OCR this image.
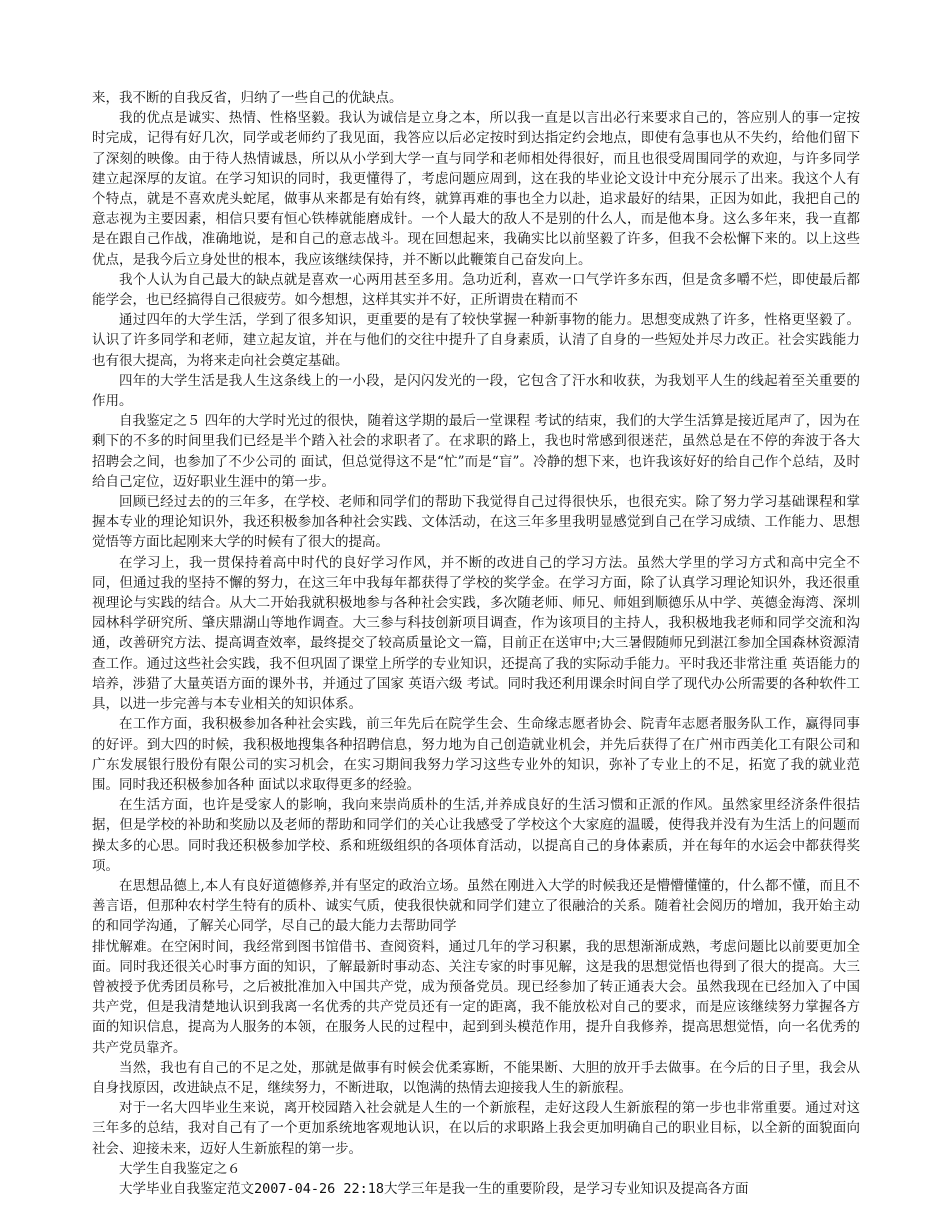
来，我不断的自我反省，归纳了一些自己的优缺点。

我的优点是诚实、热情、性格坚毅。我认为诚信是立身之本，所以我一直是以言出必行来要求自己的，答应别人的事一定按时完成，记得有好几次，同学或老师约了我见面，我答应以后必定按时到达指定约会地点，即使有急事也从不失约，给他们留下了深刻的映像。由于待人热情诚恳，所以从小学到大学一直与同学和老师相处得很好，而且也很受周围同学的欢迎，与许多同学建立起深厚的友谊。在学习知识的同时，我更懂得了，考虑问题应周到，这在我的毕业论文设计中充分展示了出来。我这个人有个特点，就是不喜欢虎头蛇尾，做事从来都是有始有终，就算再难的事也全力以赴，追求最好的结果，正因为如此，我把自己的意志视为主要因素，相信只要有恒心铁棒就能磨成针。一个人最大的敌人不是别的什么人，而是他本身。这么多年来，我一直都是在跟自己作战，准确地说，是和自己的意志战斗。现在回想起来，我确实比以前坚毅了许多，但我不会松懈下来的。以上这些优点，是我今后立身处世的根本，我应该继续保持，并不断以此鞭策自己奋发向上。

我个人认为自己最大的缺点就是喜欢一心两用甚至多用。急功近利，喜欢一口气学许多东西，但是贪多嚼不烂，即使最后都能学会，也已经搞得自己很疲劳。如今想想，这样其实并不好，正所谓贵在精而不

通过四年的大学生活，学到了很多知识，更重要的是有了较快掌握一种新事物的能力。思想变成熟了许多，性格更坚毅了。认识了许多同学和老师，建立起友谊，并在与他们的交往中提升了自身素质，认清了自身的一些短处并尽力改正。社会实践能力也有很大提高，为将来走向社会奠定基础。

四年的大学生活是我人生这条线上的一小段，是闪闪发光的一段，它包含了汗水和收获，为我划平人生的线起着至关重要的作用。

自我鉴定之５ 四年的大学时光过的很快，随着这学期的最后一堂课程 考试的结束，我们的大学生活算是接近尾声了，因为在剩下的不多的时间里我们已经是半个踏入社会的求职者了。在求职的路上，我也时常感到很迷茫，虽然总是在不停的奔波于各大 招聘会之间，也参加了不少公司的 面试，但总觉得这不是“忙”而是“盲”。冷静的想下来，也许我该好好的给自己作个总结，及时给自己定位，迈好职业生涯中的第一步。

回顾已经过去的的三年多，在学校、老师和同学们的帮助下我觉得自己过得很快乐，也很充实。除了努力学习基础课程和掌握本专业的理论知识外，我还积极参加各种社会实践、文体活动，在这三年多里我明显感觉到自己在学习成绩、工作能力、思想觉悟等方面比起刚来大学的时候有了很大的提高。

在学习上，我一贯保持着高中时代的良好学习作风，并不断的改进自己的学习方法。虽然大学里的学习方式和高中完全不同，但通过我的坚持不懈的努力，在这三年中我每年都获得了学校的奖学金。在学习方面，除了认真学习理论知识外，我还很重视理论与实践的结合。从大二开始我就积极地参与各种社会实践，多次随老师、师兄、师姐到顺德乐从中学、英德金海湾、深圳园林科学研究所、肇庆鼎湖山等地作调查。大三参与科技创新项目调查，作为该项目的主持人，我积极地我老师和同学交流和沟通，改善研究方法、提高调查效率，最终提交了较高质量论文一篇，目前正在送审中;大三暑假随师兄到湛江参加全国森林资源清查工作。通过这些社会实践，我不但巩固了课堂上所学的专业知识，还提高了我的实际动手能力。平时我还非常注重 英语能力的培养，涉猎了大量英语方面的课外书，并通过了国家 英语六级 考试。同时我还利用课余时间自学了现代办公所需要的各种软件工具，以进一步完善与本专业相关的知识体系。

在工作方面，我积极参加各种社会实践，前三年先后在院学生会、生命缘志愿者协会、院青年志愿者服务队工作，赢得同事的好评。到大四的时候，我积极地搜集各种招聘信息，努力地为自己创造就业机会，并先后获得了在广州市西美化工有限公司和广东发展银行股份有限公司的实习机会，在实习期间我努力学习这些专业外的知识，弥补了专业上的不足，拓宽了我的就业范围。同时我还积极参加各种 面试以求取得更多的经验。

在生活方面，也许是受家人的影响，我向来崇尚质朴的生活,并养成良好的生活习惯和正派的作风。虽然家里经济条件很拮据，但是学校的补助和奖励以及老师的帮助和同学们的关心让我感受了学校这个大家庭的温暖，使得我并没有为生活上的问题而操太多的心思。同时我还积极参加学校、系和班级组织的各项体育活动，以提高自己的身体素质，并在每年的水运会中都获得奖项。

在思想品德上,本人有良好道德修养,并有坚定的政治立场。虽然在刚进入大学的时候我还是懵懵懂懂的，什么都不懂，而且不善言语，但那种农村学生特有的质朴、诚实气质，使我很快就和同学们建立了很融洽的关系。随着社会阅历的增加，我开始主动的和同学沟通，了解关心同学，尽自己的最大能力去帮助同学

排忧解难。在空闲时间，我经常到图书馆借书、查阅资料，通过几年的学习积累，我的思想渐渐成熟，考虑问题比以前要更加全面。同时我还很关心时事方面的知识，了解最新时事动态、关注专家的时事见解，这是我的思想觉悟也得到了很大的提高。大三曾被授予优秀团员称号，之后被批准加入中国共产党，成为预备党员。现已经参加了转正通表大会。虽然我现在已经加入了中国共产党，但是我清楚地认识到我离一名优秀的共产党员还有一定的距离，我不能放松对自己的要求，而是应该继续努力掌握各方面的知识信息，提高为人服务的本领，在服务人民的过程中，起到到头模范作用，提升自我修养，提高思想觉悟，向一名优秀的共产党员靠齐。

当然，我也有自己的不足之处，那就是做事有时候会优柔寡断，不能果断、大胆的放开手去做事。在今后的日子里，我会从自身找原因，改进缺点不足，继续努力，不断进取，以饱满的热情去迎接我人生的新旅程。

对于一名大四毕业生来说，离开校园踏入社会就是人生的一个新旅程，走好这段人生新旅程的第一步也非常重要。通过对这三年多的总结，我对自己有了一个更加系统地客观地认识，在以后的求职路上我会更加明确自己的职业目标，以全新的面貌面向社会、迎接未来，迈好人生新旅程的第一步。

大学生自我鉴定之６

大学毕业自我鉴定范文2007-04-26 22:18大学三年是我一生的重要阶段，是学习专业知识及提高各方面
